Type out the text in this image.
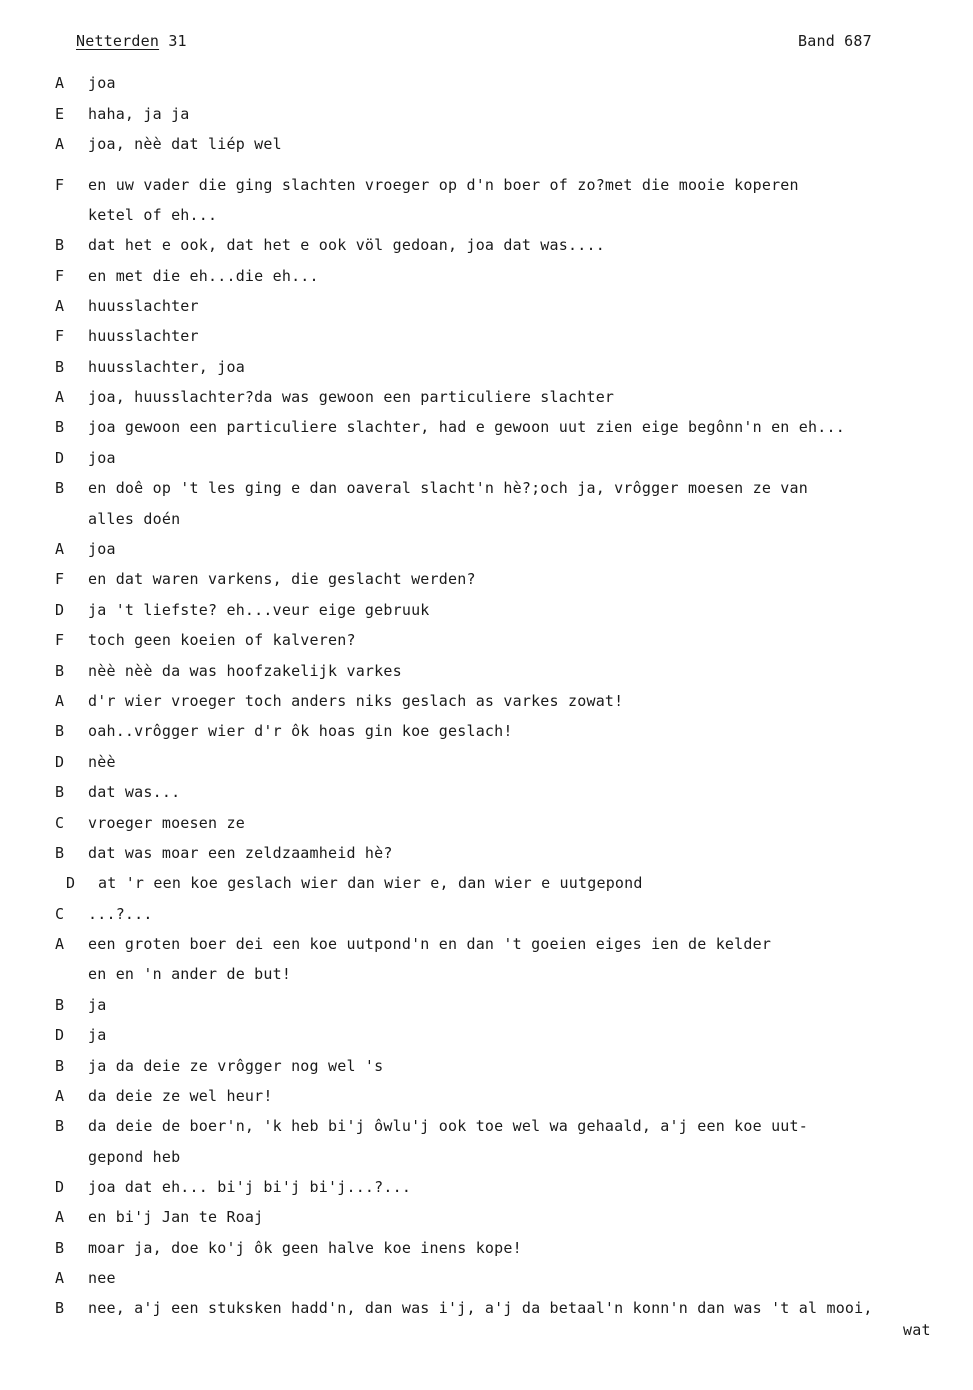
Netterden 31	Band 687
A joa
E haha, ja ja
A joa, nèè dat liép wel
F en uw vader die ging slachten vroeger op d'n boer of zo?met die mooie koperen
ketel of eh...
B dat het e ook, dat het e ook völ gedoan, joa dat was....
F en met die eh...die eh...
A huusslachter
F huusslachter
B huusslachter, joa
A joa, huusslachter?da was gewoon een particuliere slachter
B joa gewoon een particuliere slachter, had e gewoon uut zien eige begônn'n en eh...
D joa
B en doê op 't les ging e dan oaveral slacht'n hè?;och ja, vrôgger moesen ze van
alles doén
A joa
F en dat waren varkens, die geslacht werden?
D ja 't liefste? eh...veur eige gebruuk
F toch geen koeien of kalveren?
B nèè nèè da was hoofzakelijk varkes
A d'r wier vroeger toch anders niks geslach as varkes zowat!
B oah..vrôgger wier d'r ôk hoas gin koe geslach!
D nèè
B dat was...
C vroeger moesen ze
B dat was moar een zeldzaamheid hè?
D at 'r een koe geslach wier dan wier e, dan wier e uutgepond
C ...?...
A een groten boer dei een koe uutpond'n en dan 't goeien eiges ien de kelder
en en 'n ander de but!
B ja
D ja
B ja da deie ze vrôgger nog wel 's
A da deie ze wel heur!
B da deie de boer'n, 'k heb bi'j ôwlu'j ook toe wel wa gehaald, a'j een koe uut-
gepond heb
D joa dat eh... bi'j bi'j bi'j...?...
A en bi'j Jan te Roaj
B moar ja, doe ko'j ôk geen halve koe inens kope!
A nee
B nee, a'j een stuksken hadd'n, dan was i'j, a'j da betaal'n konn'n dan was 't al mooi,
wat
